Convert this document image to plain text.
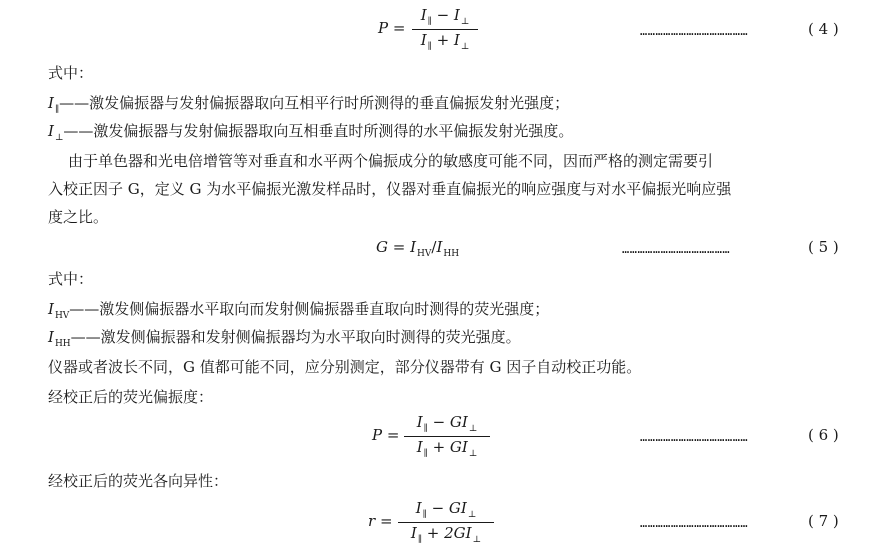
P =
$I_\parallel - I_\perp$
$I_\parallel + I_\perp$
……………………………………	( 4 )
式中：
$I_\parallel——$激发偏振器与发射偏振器取向互相平行时所测得的垂直偏振发射光强度；
$I_\perp——$激发偏振器与发射偏振器取向互相垂直时所测得的水平偏振发射光强度。
由于单色器和光电倍增管等对垂直和水平两个偏振成分的敏感度可能不同，因而严格的测定需要引
入校正因子 G，定义 G 为水平偏振光激发样品时，仪器对垂直偏振光的响应强度与对水平偏振光响应强
度之比。
$G = I_{HV}/I_{HH}$	……………………………………	( 5 )
式中：
$I_{HV}——$激发侧偏振器水平取向而发射侧偏振器垂直取向时测得的荧光强度；
$I_{HH}——$激发侧偏振器和发射侧偏振器均为水平取向时测得的荧光强度。
仪器或者波长不同，G 值都可能不同，应分别测定，部分仪器带有 G 因子自动校正功能。
经校正后的荧光偏振度：
P =
$I_\parallel - GI_\perp$
$I_\parallel + GI_\perp$
……………………………………	( 6 )
经校正后的荧光各向异性：
r =
$I_\parallel - GI_\perp$
$I_\parallel + 2GI_\perp$
……………………………………	( 7 )
